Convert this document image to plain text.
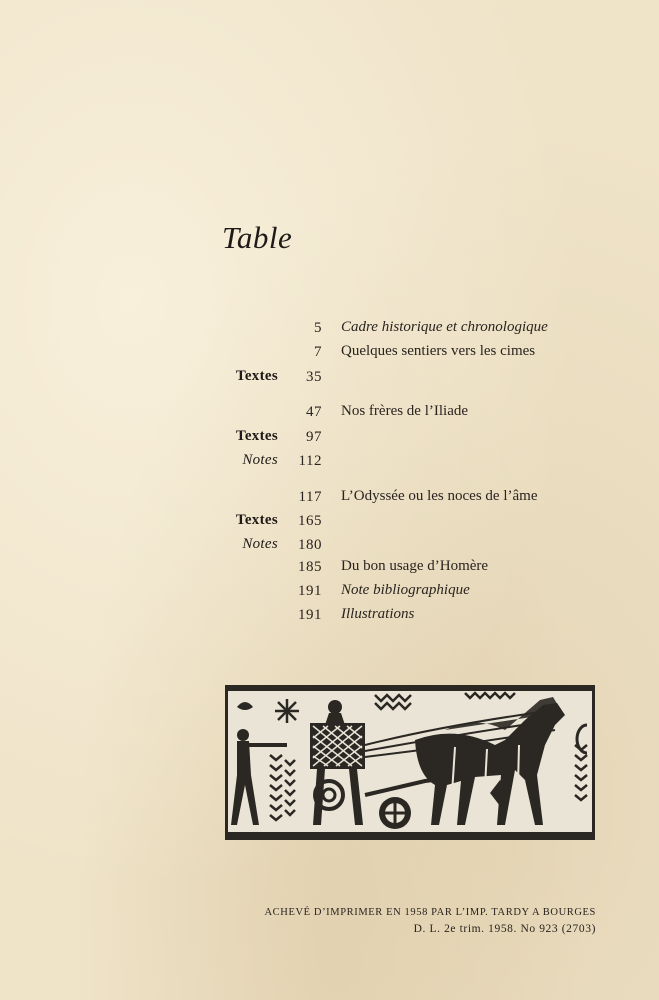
Table
5 Cadre historique et chronologique
7 Quelques sentiers vers les cimes
Textes 35
47 Nos frères de l’Iliade
Textes 97
Notes 112
117 L’Odyssée ou les noces de l’âme
Textes 165
Notes 180
185 Du bon usage d’Homère
191 Note bibliographique
191 Illustrations
ACHEVÉ D’IMPRIMER EN 1958 PAR L’IMP. TARDY A BOURGES
D. L. 2e trim. 1958. No 923 (2703)
